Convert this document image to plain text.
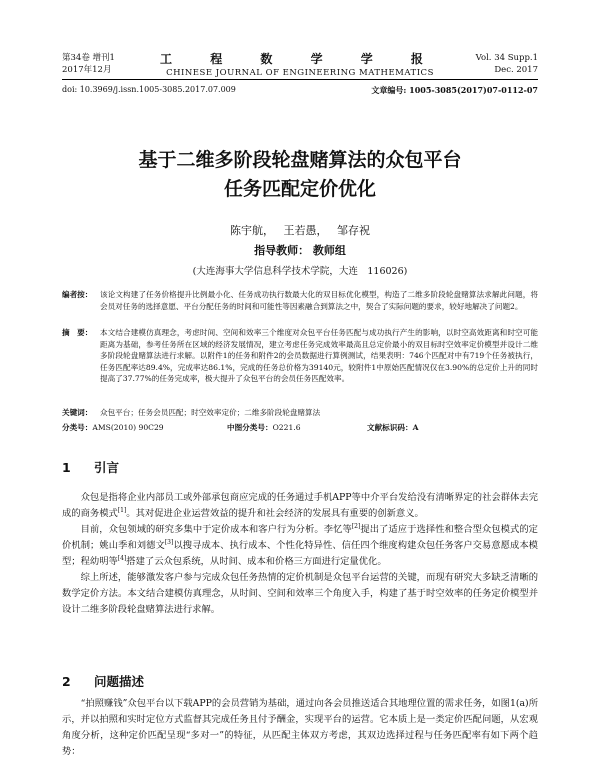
第34卷 增刊1
2017年12月
工 程 数 学 学 报
CHINESE JOURNAL OF ENGINEERING MATHEMATICS
Vol. 34 Supp.1
Dec. 2017
doi: 10.3969/j.issn.1005-3085.2017.07.009	文章编号: 1005-3085(2017)07-0112-07
基于二维多阶段轮盘赌算法的众包平台
任务匹配定价优化
陈宇航， 王若愚， 邹存祝
指导教师： 教师组
(大连海事大学信息科学技术学院，大连　116026)
编者按：	该论文构建了任务价格提升比例最小化、任务成功执行数最大化的双目标优化模型，构造了二维多阶段轮盘赌算法求解此问题，将会员对任务的选择意愿、平台分配任务的时间和可能性等因素融合到算法之中，契合了实际问题的要求，较好地解决了问题2。
摘　要：	本文结合建模仿真理念，考虑时间、空间和效率三个维度对众包平台任务匹配与成功执行产生的影响，以时空高效距离和时空可能距离为基础，参考任务所在区域的经济发展情况，建立考虑任务完成效率最高且总定价最小的双目标时空效率定价模型并设计二维多阶段轮盘赌算法进行求解。以附件1的任务和附件2的会员数据进行算例测试，结果表明：746个匹配对中有719个任务被执行，任务匹配率达89.4%，完成率达86.1%，完成的任务总价格为39140元，较附件1中原始匹配情况仅在3.90%的总定价上升的同时提高了37.77%的任务完成率，极大提升了众包平台的会员任务匹配效率。
关键词：	众包平台；任务会员匹配；时空效率定价；二维多阶段轮盘赌算法
分类号：AMS(2010) 90C29	中图分类号：O221.6	文献标识码：A
1 引言

众包是指将企业内部员工或外部承包商应完成的任务通过手机APP等中介平台发给没有清晰界定的社会群体去完成的商务模式[1]。其对促进企业运营效益的提升和社会经济的发展具有重要的创新意义。

目前，众包领域的研究多集中于定价成本和客户行为分析。李忆等[2]提出了适应于选择性和整合型众包模式的定价机制；姚山季和刘德文[3]以搜寻成本、执行成本、个性化特异性、信任四个维度构建众包任务客户交易意愿成本模型；程幼明等[4]搭建了云众包系统，从时间、成本和价格三方面进行定量优化。

综上所述，能够激发客户参与完成众包任务热情的定价机制是众包平台运营的关键，而现有研究大多缺乏清晰的数学定价方法。本文结合建模仿真理念，从时间、空间和效率三个角度入手，构建了基于时空效率的任务定价模型并设计二维多阶段轮盘赌算法进行求解。

2 问题描述

“拍照赚钱”众包平台以下载APP的会员营销为基础，通过向各会员推送适合其地理位置的需求任务，如图1(a)所示，并以拍照和实时定位方式监督其完成任务且付予酬金，实现平台的运营。它本质上是一类定价匹配问题，从宏观角度分析，这种定价匹配呈现“多对一”的特征，从匹配主体双方考虑，其双边选择过程与任务匹配率有如下两个趋势：
